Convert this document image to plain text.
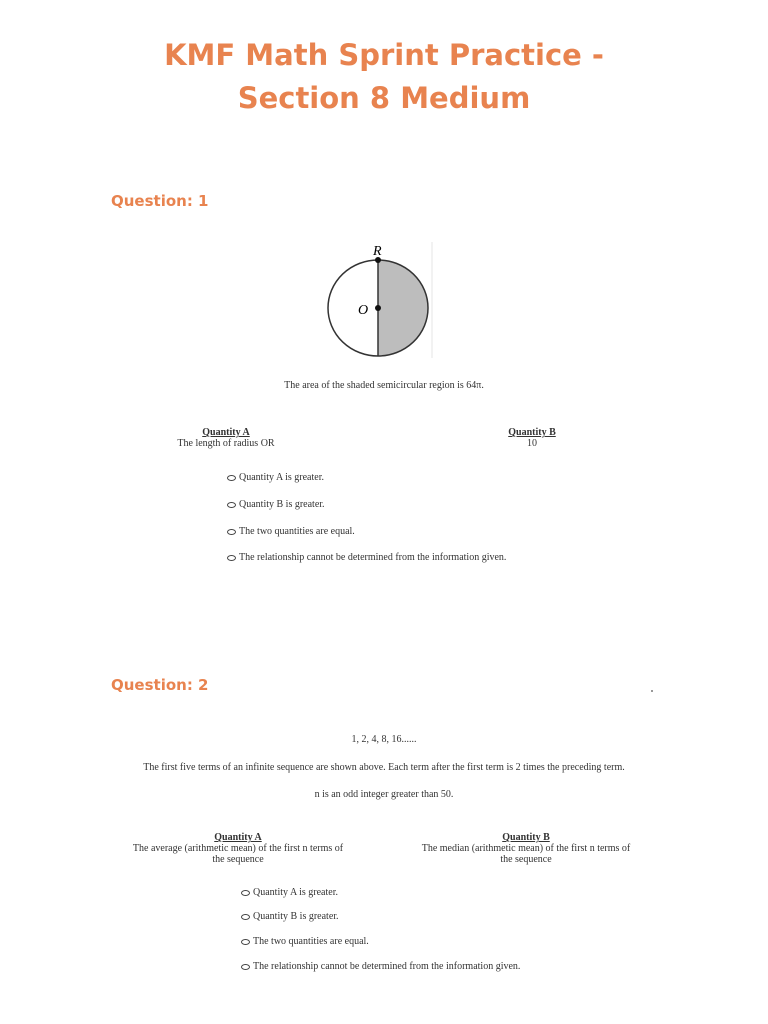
KMF Math Sprint Practice -
Section 8 Medium
Question: 1
R
O
The area of the shaded semicircular region is 64π.
Quantity A
The length of radius OR
Quantity B
10
Quantity A is greater.
Quantity B is greater.
The two quantities are equal.
The relationship cannot be determined from the information given.
Question: 2
1, 2, 4, 8, 16......
The first five terms of an infinite sequence are shown above. Each term after the first term is 2 times the preceding term.
n is an odd integer greater than 50.
Quantity A
The average (arithmetic mean) of the first n terms of
the sequence
Quantity B
The median (arithmetic mean) of the first n terms of
the sequence
Quantity A is greater.
Quantity B is greater.
The two quantities are equal.
The relationship cannot be determined from the information given.
